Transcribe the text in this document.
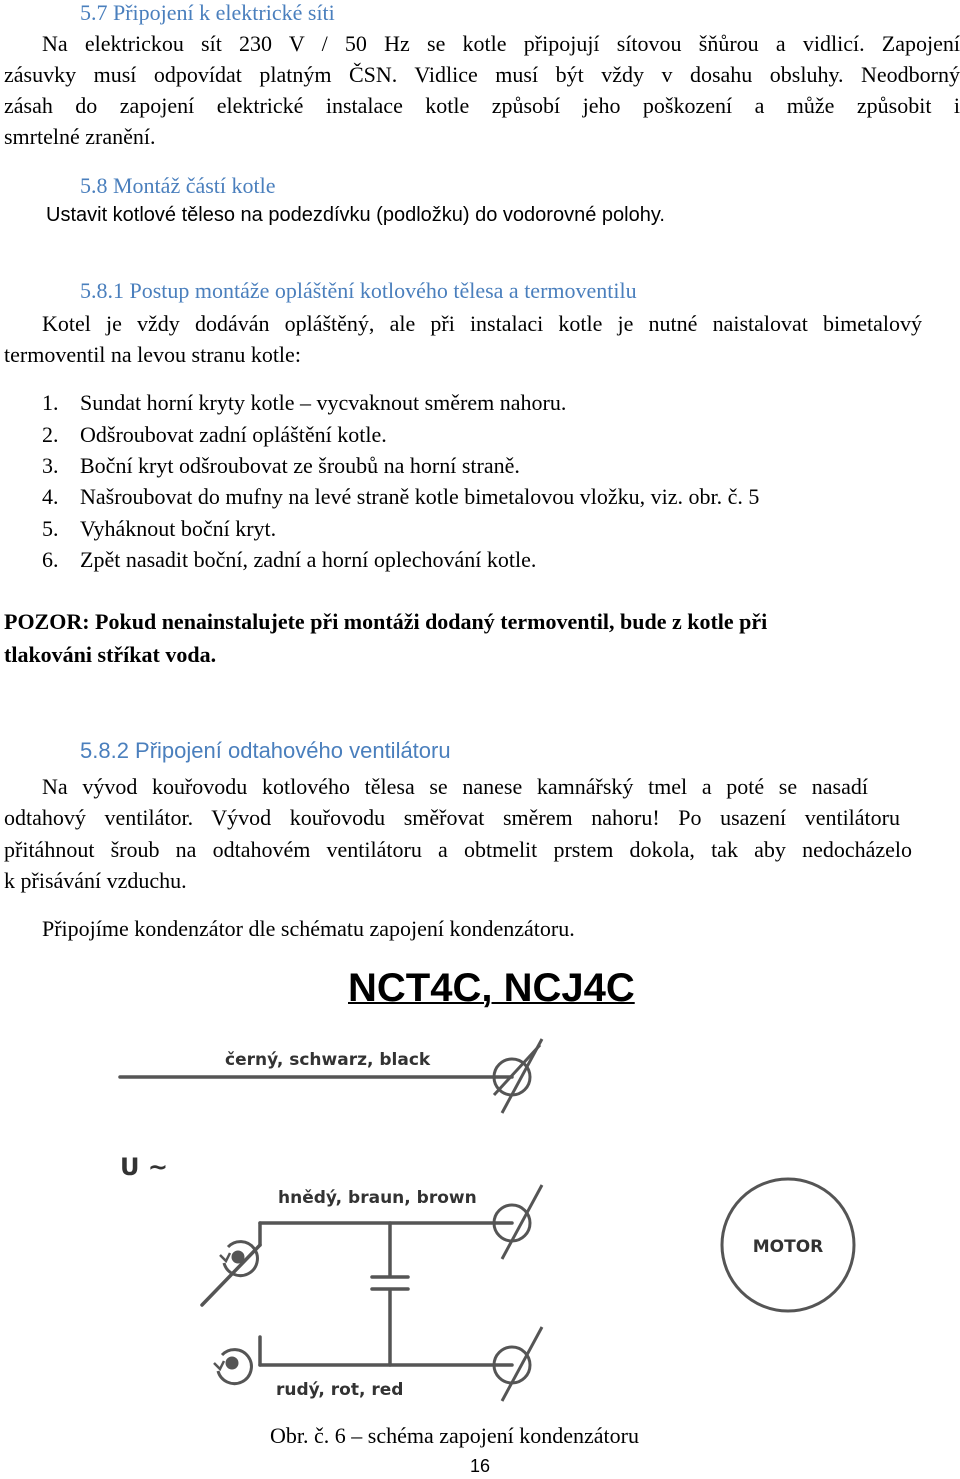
5.7 Připojení k elektrické síti
Na elektrickou sít 230 V / 50 Hz se kotle připojují sítovou šňůrou a vidlicí. Zapojení
zásuvky musí odpovídat platným ČSN. Vidlice musí být vždy v dosahu obsluhy. Neodborný
zásah do zapojení elektrické instalace kotle způsobí jeho poškození a může způsobit i
smrtelné zranění.
5.8 Montáž částí kotle
Ustavit kotlové těleso na podezdívku (podložku) do vodorovné polohy.
5.8.1 Postup montáže opláštění kotlového tělesa a termoventilu
Kotel je vždy dodáván opláštěný, ale při instalaci kotle je nutné naistalovat bimetalový
termoventil na levou stranu kotle:
1. Sundat horní kryty kotle – vycvaknout směrem nahoru.
2. Odšroubovat zadní opláštění kotle.
3. Boční kryt odšroubovat ze šroubů na horní straně.
4. Našroubovat do mufny na levé straně kotle bimetalovou vložku, viz. obr. č. 5
5. Vyháknout boční kryt.
6. Zpět nasadit boční, zadní a horní oplechování kotle.
POZOR: Pokud nenainstalujete při montáži dodaný termoventil, bude z kotle při
tlakováni stříkat voda.
5.8.2 Připojení odtahového ventilátoru
Na vývod kouřovodu kotlového tělesa se nanese kamnářský tmel a poté se nasadí
odtahový ventilátor. Vývod kouřovodu směřovat směrem nahoru! Po usazení ventilátoru
přitáhnout šroub na odtahovém ventilátoru a obtmelit prstem dokola, tak aby nedocházelo
k přisávání vzduchu.
Připojíme kondenzátor dle schématu zapojení kondenzátoru.
NCT4C, NCJ4C
černý, schwarz, black
hnědý, braun, brown
rudý, rot, red
U ~
MOTOR
Obr. č. 6 – schéma zapojení kondenzátoru
16
